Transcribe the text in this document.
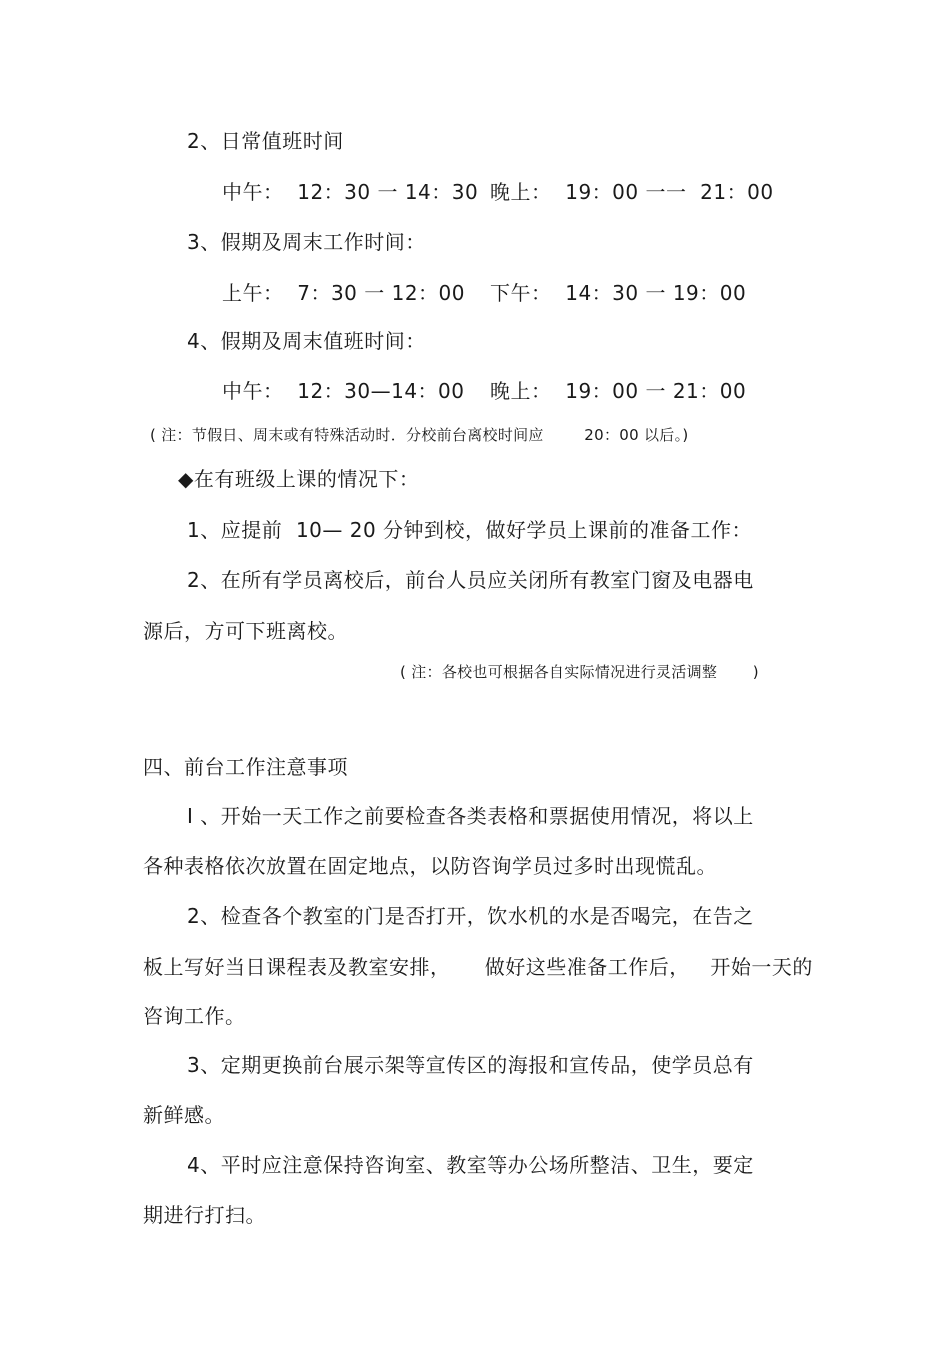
2、日常值班时间
中午：  12：30 一 14：30 晚上：  19：00 一一  21：00
3、假期及周末工作时间：
上午：  7：30 一 12：00 下午：  14：30 一 19：00
4、假期及周末值班时间：
中午：  12：30—14：00 晚上：  19：00 一 21：00
( 注：节假日、周末或有特殊活动时．分校前台离校时间应        20：00 以后。)
◆在有班级上课的情况下：
1、应提前  10— 20 分钟到校，做好学员上课前的准备工作：
2、在所有学员离校后，前台人员应关闭所有教室门窗及电器电
源后，方可下班离校。
( 注：各校也可根据各自实际情况进行灵活调整       )
四、前台工作注意事项
I 、开始一天工作之前要检查各类表格和票据使用情况，将以上
各种表格依次放置在固定地点，以防咨询学员过多时出现慌乱。
2、检查各个教室的门是否打开，饮水机的水是否喝完，在告之
板上写好当日课程表及教室安排，     做好这些准备工作后，   开始一天的
咨询工作。
3、定期更换前台展示架等宣传区的海报和宣传品，使学员总有
新鲜感。
4、平时应注意保持咨询室、教室等办公场所整洁、卫生，要定
期进行打扫。
